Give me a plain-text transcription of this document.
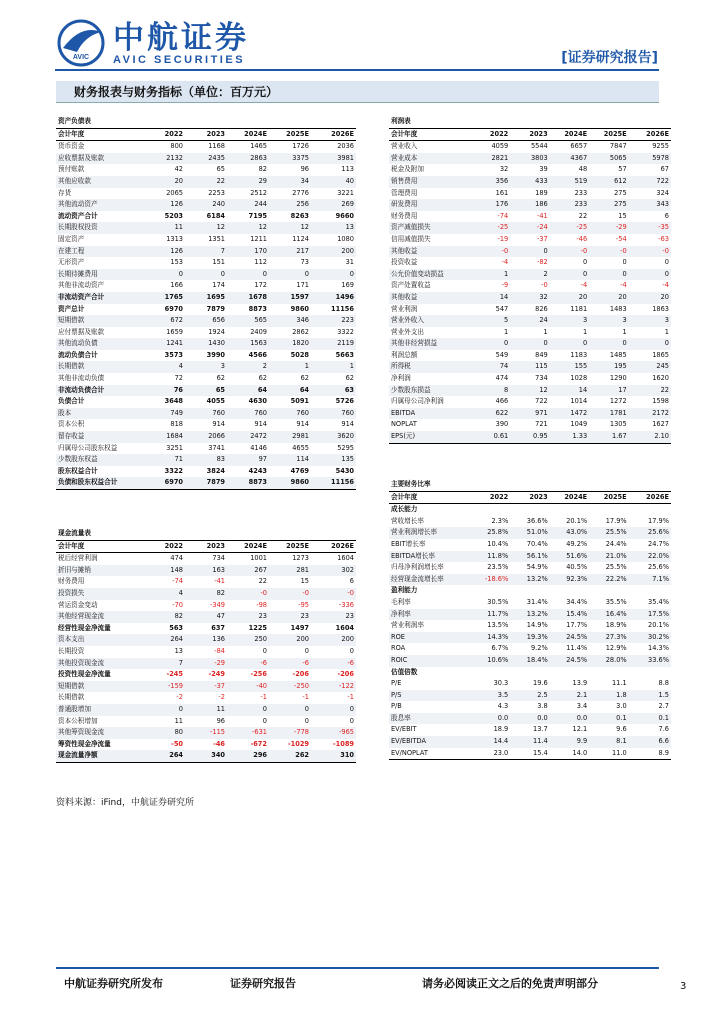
AVIC
中航证券
AVIC SECURITIES	[证券研究报告]
财务报表与财务指标（单位：百万元）
资产负债表					
会计年度	2022	2023	2024E	2025E	2026E
货币资金	800	1168	1465	1726	2036
应收票据及账款	2132	2435	2863	3375	3981
预付账款	42	65	82	96	113
其他应收款	20	22	29	34	40
存货	2065	2253	2512	2776	3221
其他流动资产	126	240	244	256	269
流动资产合计	5203	6184	7195	8263	9660
长期股权投资	11	12	12	12	13
固定资产	1313	1351	1211	1124	1080
在建工程	126	7	170	217	200
无形资产	153	151	112	73	31
长期待摊费用	0	0	0	0	0
其他非流动资产	166	174	172	171	169
非流动资产合计	1765	1695	1678	1597	1496
资产总计	6970	7879	8873	9860	11156
短期借款	672	656	565	346	223
应付票据及账款	1659	1924	2409	2862	3322
其他流动负债	1241	1430	1563	1820	2119
流动负债合计	3573	3990	4566	5028	5663
长期借款	4	3	2	1	1
其他非流动负债	72	62	62	62	62
非流动负债合计	76	65	64	64	63
负债合计	3648	4055	4630	5091	5726
股本	749	760	760	760	760
资本公积	818	914	914	914	914
留存收益	1684	2066	2472	2981	3620
归属母公司股东权益	3251	3741	4146	4655	5295
少数股东权益	71	83	97	114	135
股东权益合计	3322	3824	4243	4769	5430
负债和股东权益合计	6970	7879	8873	9860	11156
现金流量表					
会计年度	2022	2023	2024E	2025E	2026E
税后经营利润	474	734	1001	1273	1604
折旧与摊销	148	163	267	281	302
财务费用	-74	-41	22	15	6
投资损失	4	82	-0	-0	-0
营运资金变动	-70	-349	-98	-95	-336
其他经营现金流	82	47	23	23	23
经营性现金净流量	563	637	1225	1497	1604
资本支出	264	136	250	200	200
长期投资	13	-84	0	0	0
其他投资现金流	7	-29	-6	-6	-6
投资性现金净流量	-245	-249	-256	-206	-206
短期借款	-159	-37	-40	-250	-122
长期借款	-2	-2	-1	-1	-1
普通股增加	0	11	0	0	0
资本公积增加	11	96	0	0	0
其他筹资现金流	80	-115	-631	-778	-965
筹资性现金净流量	-50	-46	-672	-1029	-1089
现金流量净额	264	340	296	262	310
利润表					
会计年度	2022	2023	2024E	2025E	2026E
营业收入	4059	5544	6657	7847	9255
营业成本	2821	3803	4367	5065	5978
税金及附加	32	39	48	57	67
销售费用	356	433	519	612	722
管理费用	161	189	233	275	324
研发费用	176	186	233	275	343
财务费用	-74	-41	22	15	6
资产减值损失	-25	-24	-25	-29	-35
信用减值损失	-19	-37	-46	-54	-63
其他收益	-0	0	-0	-0	-0
投资收益	-4	-82	0	0	0
公允价值变动损益	1	2	0	0	0
资产处置收益	-9	-0	-4	-4	-4
其他收益	14	32	20	20	20
营业利润	547	826	1181	1483	1863
营业外收入	5	24	3	3	3
营业外支出	1	1	1	1	1
其他非经营损益	0	0	0	0	0
利润总额	549	849	1183	1485	1865
所得税	74	115	155	195	245
净利润	474	734	1028	1290	1620
少数股东损益	8	12	14	17	22
归属母公司净利润	466	722	1014	1272	1598
EBITDA	622	971	1472	1781	2172
NOPLAT	390	721	1049	1305	1627
EPS(元)	0.61	0.95	1.33	1.67	2.10
主要财务比率					
会计年度	2022	2023	2024E	2025E	2026E
成长能力					
营收增长率	2.3%	36.6%	20.1%	17.9%	17.9%
营业利润增长率	25.8%	51.0%	43.0%	25.5%	25.6%
EBIT增长率	10.4%	70.4%	49.2%	24.4%	24.7%
EBITDA增长率	11.8%	56.1%	51.6%	21.0%	22.0%
归母净利润增长率	23.5%	54.9%	40.5%	25.5%	25.6%
经营现金流增长率	-18.6%	13.2%	92.3%	22.2%	7.1%
盈利能力					
毛利率	30.5%	31.4%	34.4%	35.5%	35.4%
净利率	11.7%	13.2%	15.4%	16.4%	17.5%
营业利润率	13.5%	14.9%	17.7%	18.9%	20.1%
ROE	14.3%	19.3%	24.5%	27.3%	30.2%
ROA	6.7%	9.2%	11.4%	12.9%	14.3%
ROIC	10.6%	18.4%	24.5%	28.0%	33.6%
估值倍数					
P/E	30.3	19.6	13.9	11.1	8.8
P/S	3.5	2.5	2.1	1.8	1.5
P/B	4.3	3.8	3.4	3.0	2.7
股息率	0.0	0.0	0.0	0.1	0.1
EV/EBIT	18.9	13.7	12.1	9.6	7.6
EV/EBITDA	14.4	11.4	9.9	8.1	6.6
EV/NOPLAT	23.0	15.4	14.0	11.0	8.9
资料来源：iFind，中航证券研究所
中航证券研究所发布	证券研究报告	请务必阅读正文之后的免责声明部分	3
